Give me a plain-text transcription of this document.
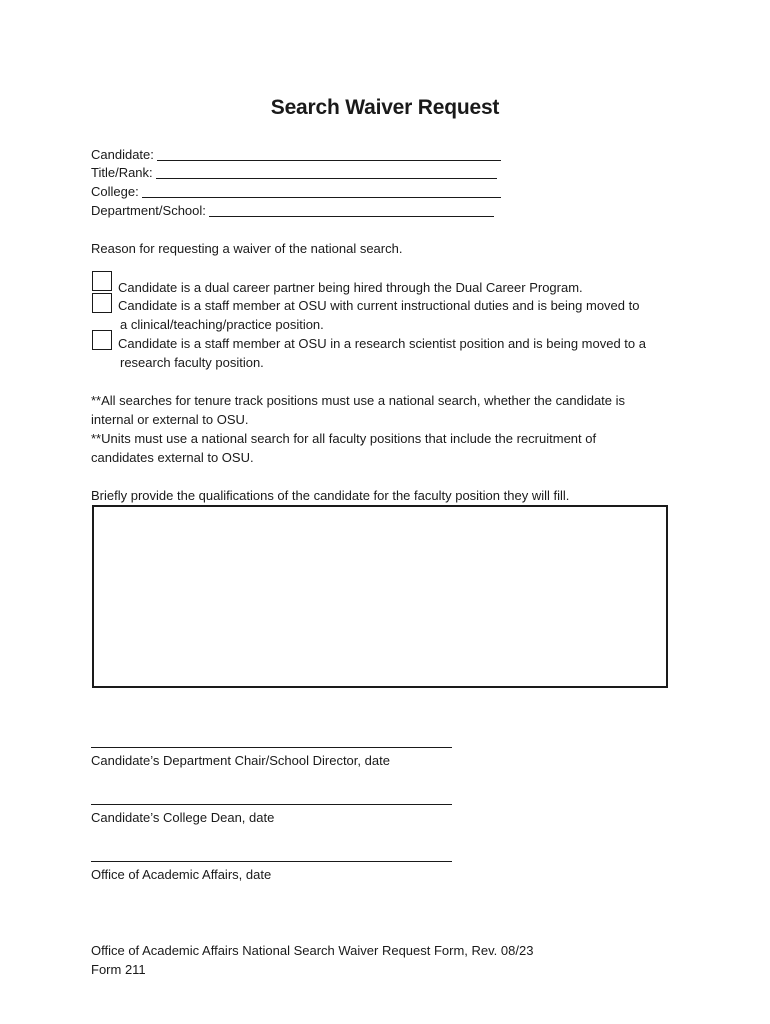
Search Waiver Request
Candidate:
Title/Rank:
College:
Department/School:
Reason for requesting a waiver of the national search.
Candidate is a dual career partner being hired through the Dual Career Program.
Candidate is a staff member at OSU with current instructional duties and is being moved to
a clinical/teaching/practice position.
Candidate is a staff member at OSU in a research scientist position and is being moved to a
research faculty position.
**All searches for tenure track positions must use a national search, whether the candidate is
internal or external to OSU.
**Units must use a national search for all faculty positions that include the recruitment of
candidates external to OSU.
Briefly provide the qualifications of the candidate for the faculty position they will fill.
Candidate’s Department Chair/School Director, date
Candidate’s College Dean, date
Office of Academic Affairs, date
Office of Academic Affairs National Search Waiver Request Form, Rev. 08/23
Form 211
